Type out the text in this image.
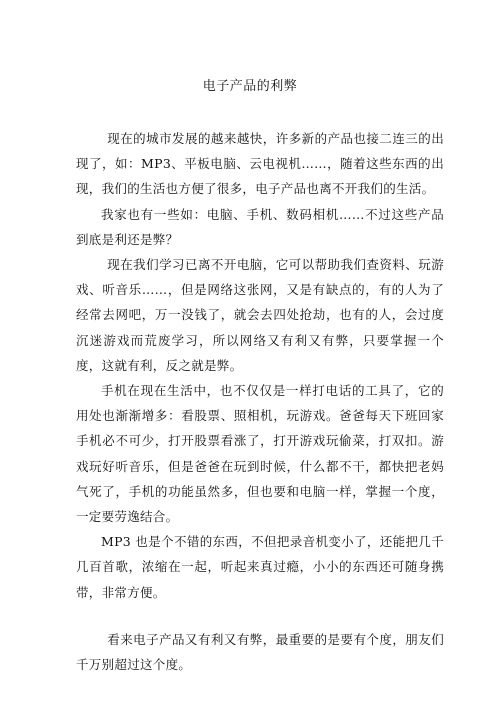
电子产品的利弊

现在的城市发展的越来越快，许多新的产品也接二连三的出现了，如：MP3、平板电脑、云电视机……，随着这些东西的出现，我们的生活也方便了很多，电子产品也离不开我们的生活。

我家也有一些如：电脑、手机、数码相机……不过这些产品到底是利还是弊？

现在我们学习已离不开电脑，它可以帮助我们查资料、玩游戏、听音乐……，但是网络这张网，又是有缺点的，有的人为了经常去网吧，万一没钱了，就会去四处抢劫，也有的人，会过度沉迷游戏而荒废学习，所以网络又有利又有弊，只要掌握一个度，这就有利，反之就是弊。

手机在现在生活中，也不仅仅是一样打电话的工具了，它的用处也渐渐增多：看股票、照相机，玩游戏。爸爸每天下班回家手机必不可少，打开股票看涨了，打开游戏玩偷菜，打双扣。游戏玩好听音乐，但是爸爸在玩到时候，什么都不干，都快把老妈气死了，手机的功能虽然多，但也要和电脑一样，掌握一个度，一定要劳逸结合。

MP3 也是个不错的东西，不但把录音机变小了，还能把几千几百首歌，浓缩在一起，听起来真过瘾，小小的东西还可随身携带，非常方便。

看来电子产品又有利又有弊，最重要的是要有个度，朋友们千万别超过这个度。
